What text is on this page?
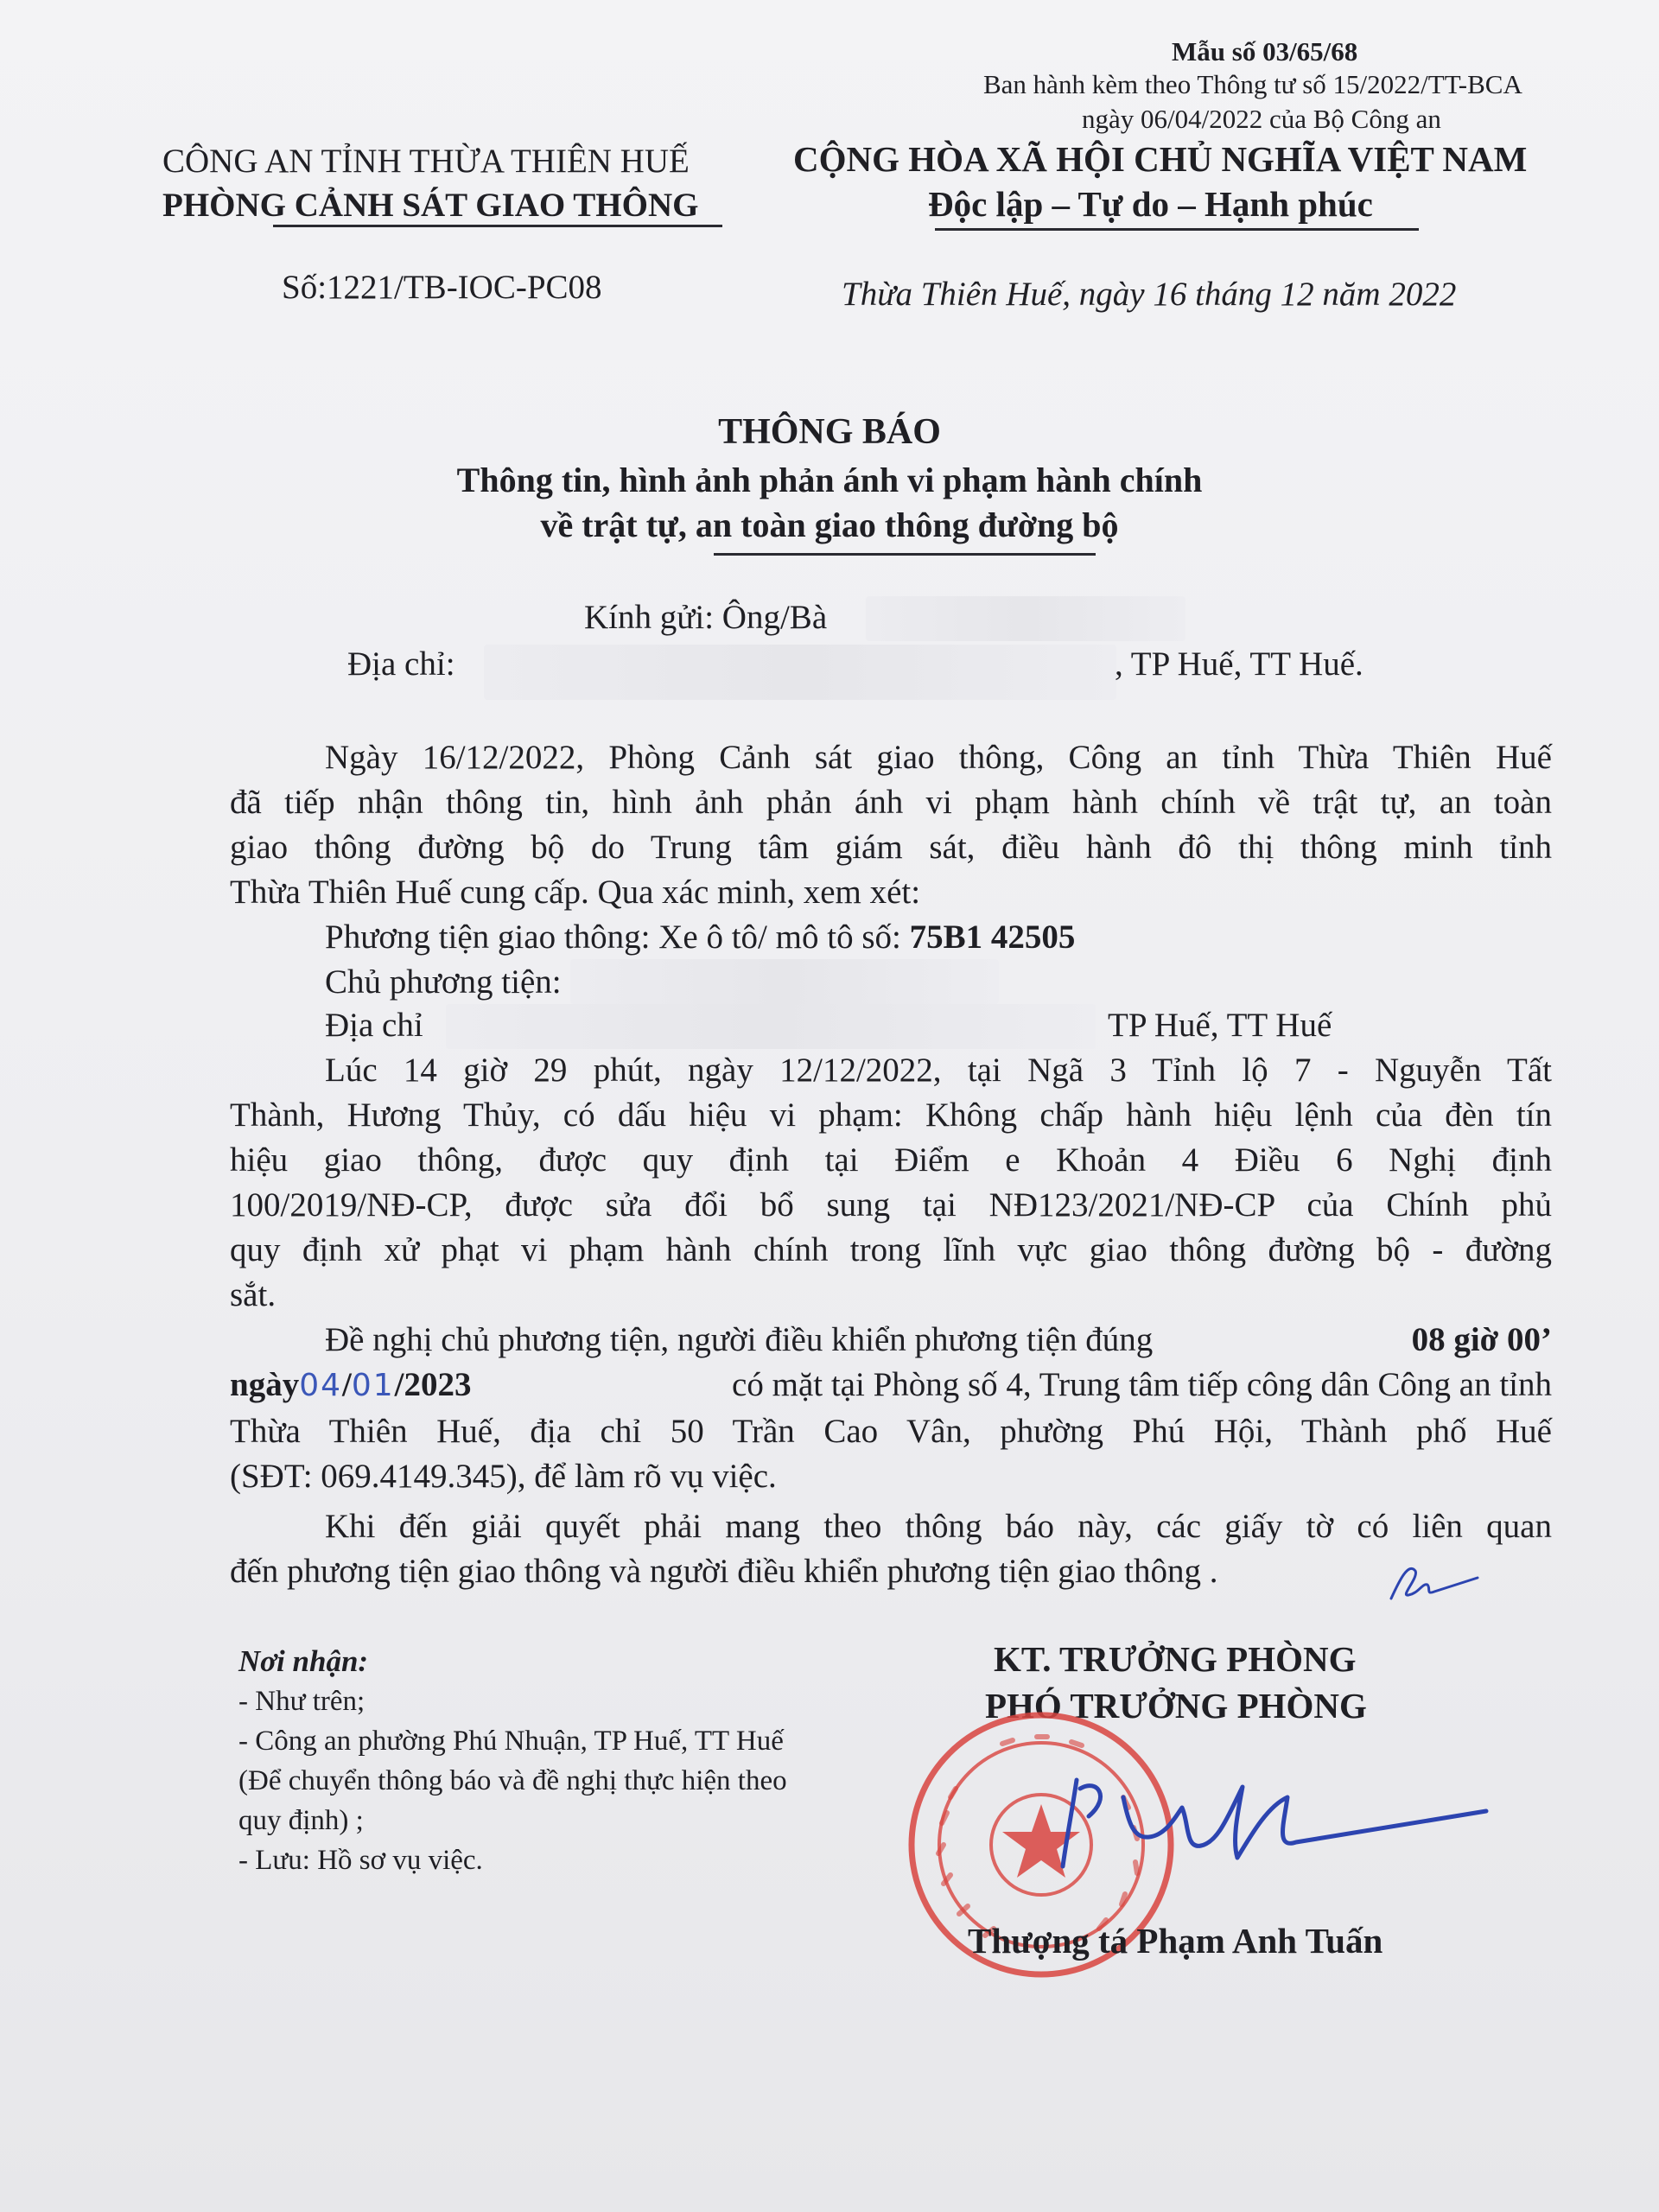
Mẫu số 03/65/68
Ban hành kèm theo Thông tư số 15/2022/TT-BCA
ngày 06/04/2022 của Bộ Công an
CÔNG AN TỈNH THỪA THIÊN HUẾ
PHÒNG CẢNH SÁT GIAO THÔNG
CỘNG HÒA XÃ HỘI CHỦ NGHĨA VIỆT NAM
Độc lập – Tự do – Hạnh phúc
Số:1221/TB-IOC-PC08	Thừa Thiên Huế, ngày 16 tháng 12 năm 2022
THÔNG BÁO
Thông tin, hình ảnh phản ánh vi phạm hành chính
về trật tự, an toàn giao thông đường bộ
Kính gửi: Ông/Bà
Địa chỉ:	, TP Huế, TT Huế.
Ngày 16/12/2022, Phòng Cảnh sát giao thông, Công an tỉnh Thừa Thiên Huế
đã tiếp nhận thông tin, hình ảnh phản ánh vi phạm hành chính về trật tự, an toàn
giao thông đường bộ do Trung tâm giám sát, điều hành đô thị thông minh tỉnh
Thừa Thiên Huế cung cấp. Qua xác minh, xem xét:
Phương tiện giao thông: Xe ô tô/ mô tô số: 75B1 42505
Chủ phương tiện:
Địa chỉ	TP Huế, TT Huế
Lúc 14 giờ 29 phút, ngày 12/12/2022, tại Ngã 3 Tỉnh lộ 7 - Nguyễn Tất
Thành, Hương Thủy, có dấu hiệu vi phạm: Không chấp hành hiệu lệnh của đèn tín
hiệu giao thông, được quy định tại Điểm e Khoản 4 Điều 6 Nghị định
100/2019/NĐ-CP, được sửa đổi bổ sung tại NĐ123/2021/NĐ-CP của Chính phủ
quy định xử phạt vi phạm hành chính trong lĩnh vực giao thông đường bộ - đường
sắt.
Đề nghị chủ phương tiện, người điều khiển phương tiện đúng	08 giờ 00’
ngày04/01/2023	có mặt tại Phòng số 4, Trung tâm tiếp công dân Công an tỉnh
Thừa Thiên Huế, địa chỉ 50 Trần Cao Vân, phường Phú Hội, Thành phố Huế
(SĐT: 069.4149.345), để làm rõ vụ việc.
Khi đến giải quyết phải mang theo thông báo này, các giấy tờ có liên quan
đến phương tiện giao thông và người điều khiển phương tiện giao thông .
Nơi nhận:
- Như trên;
- Công an phường Phú Nhuận, TP Huế, TT Huế
(Để chuyển thông báo và đề nghị thực hiện theo
quy định) ;
- Lưu: Hồ sơ vụ việc.
KT. TRƯỞNG PHÒNG
PHÓ TRƯỞNG PHÒNG
Thượng tá Phạm Anh Tuấn
